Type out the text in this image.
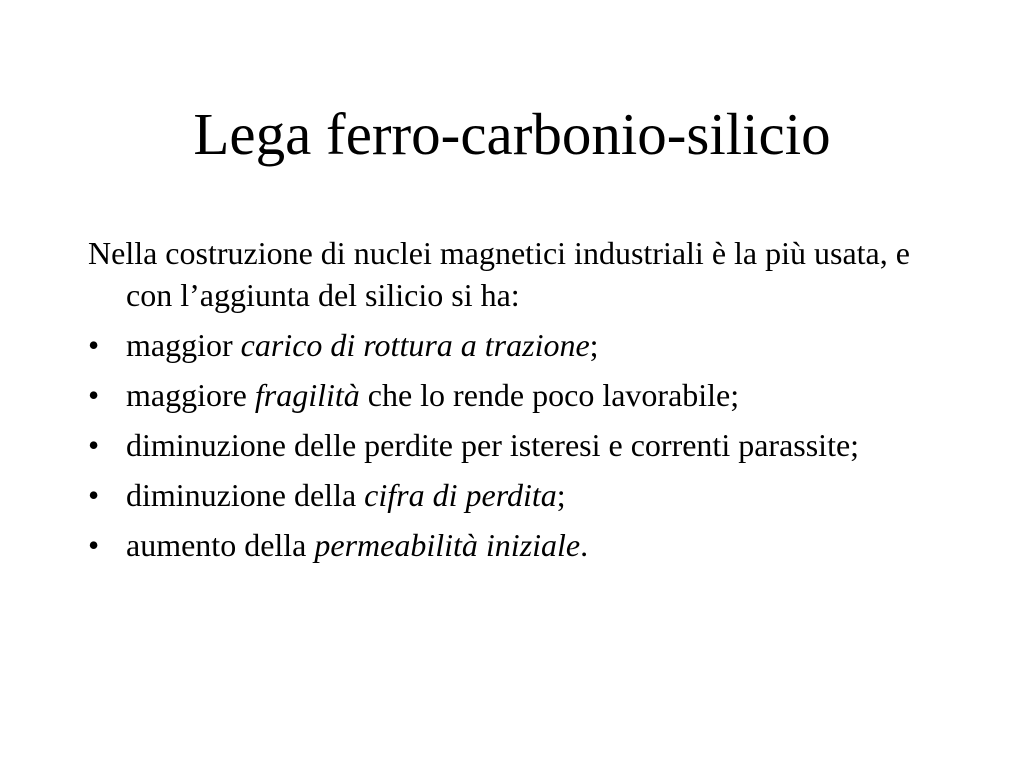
Lega ferro-carbonio-silicio

Nella costruzione di nuclei magnetici industriali è la più usata, e con l’aggiunta del silicio si ha:

• maggior carico di rottura a trazione;
• maggiore fragilità che lo rende poco lavorabile;
• diminuzione delle perdite per isteresi e correnti parassite;
• diminuzione della cifra di perdita;
• aumento della permeabilità iniziale.
